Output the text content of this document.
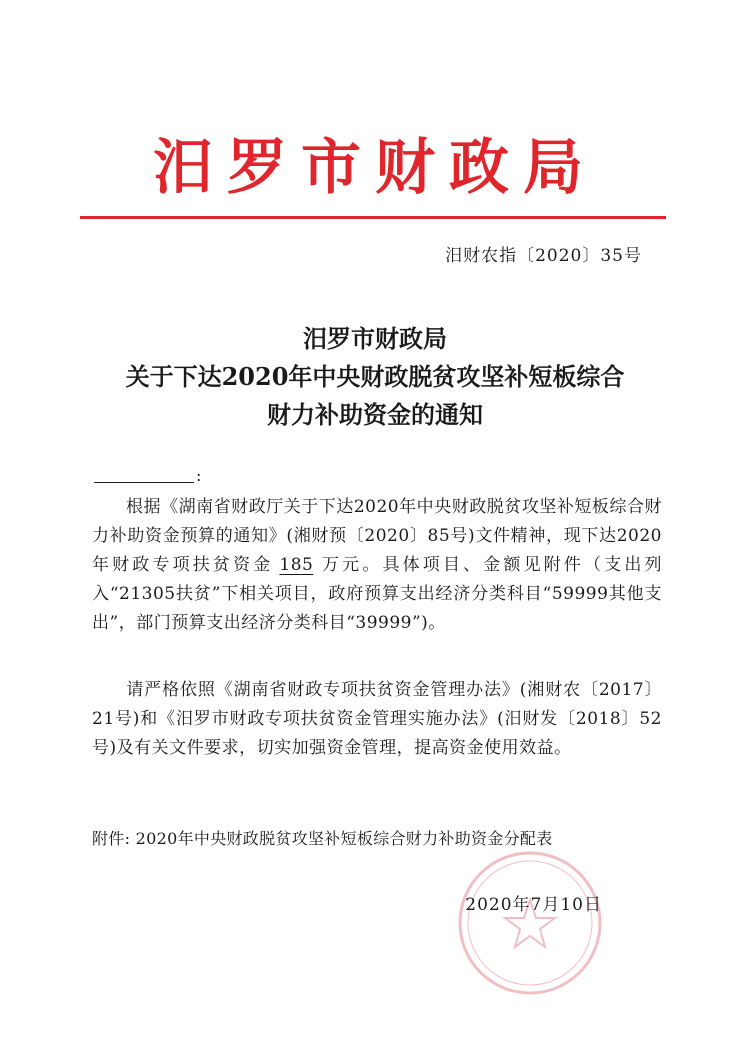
汨罗市财政局
汨财农指〔2020〕35号
汨罗市财政局
关于下达2020年中央财政脱贫攻坚补短板综合
财力补助资金的通知
:
根据《湖南省财政厅关于下达2020年中央财政脱贫攻坚补短板综合财力补助资金预算的通知》(湘财预〔2020〕85号)文件精神，现下达2020年财政专项扶贫资金 185 万元。具体项目、金额见附件（支出列入“21305扶贫”下相关项目，政府预算支出经济分类科目“59999其他支出”，部门预算支出经济分类科目“39999”)。
请严格依照《湖南省财政专项扶贫资金管理办法》(湘财农〔2017〕21号)和《汨罗市财政专项扶贫资金管理实施办法》(汨财发〔2018〕52号)及有关文件要求，切实加强资金管理，提高资金使用效益。
附件: 2020年中央财政脱贫攻坚补短板综合财力补助资金分配表
2020年7月10日
